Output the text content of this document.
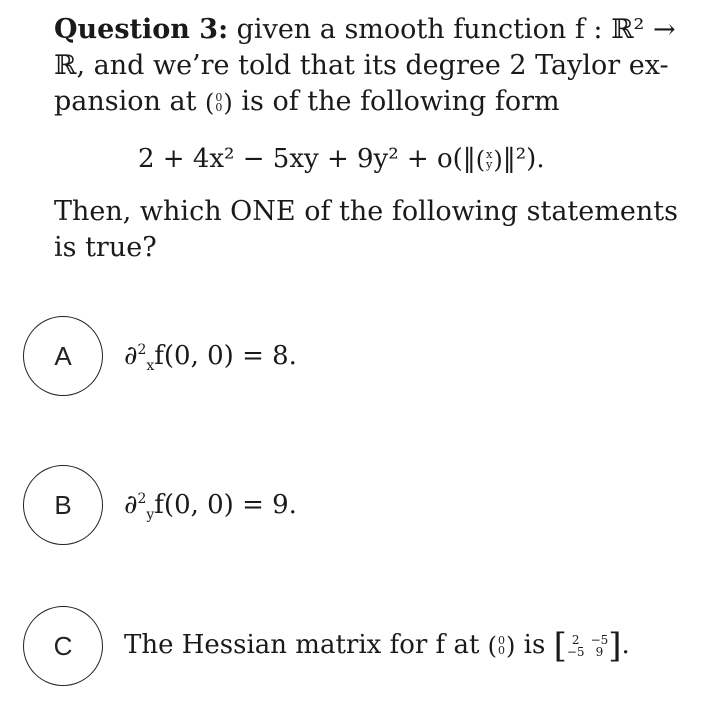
Question 3: given a smooth function f : ℝ² →
ℝ, and we’re told that its degree 2 Taylor ex-
pansion at ( 0
0 ) is of the following form
2 + 4x² − 5xy + 9y² + o(‖ ( x
y ) ‖²).
Then, which ONE of the following statements
is true?
A	∂$^2_x$f(0, 0) = 8.
B	∂$^2_y$f(0, 0) = 9.
C	The Hessian matrix for f at ( 0
0 ) is [ 2 −5
−5 9 ] .
